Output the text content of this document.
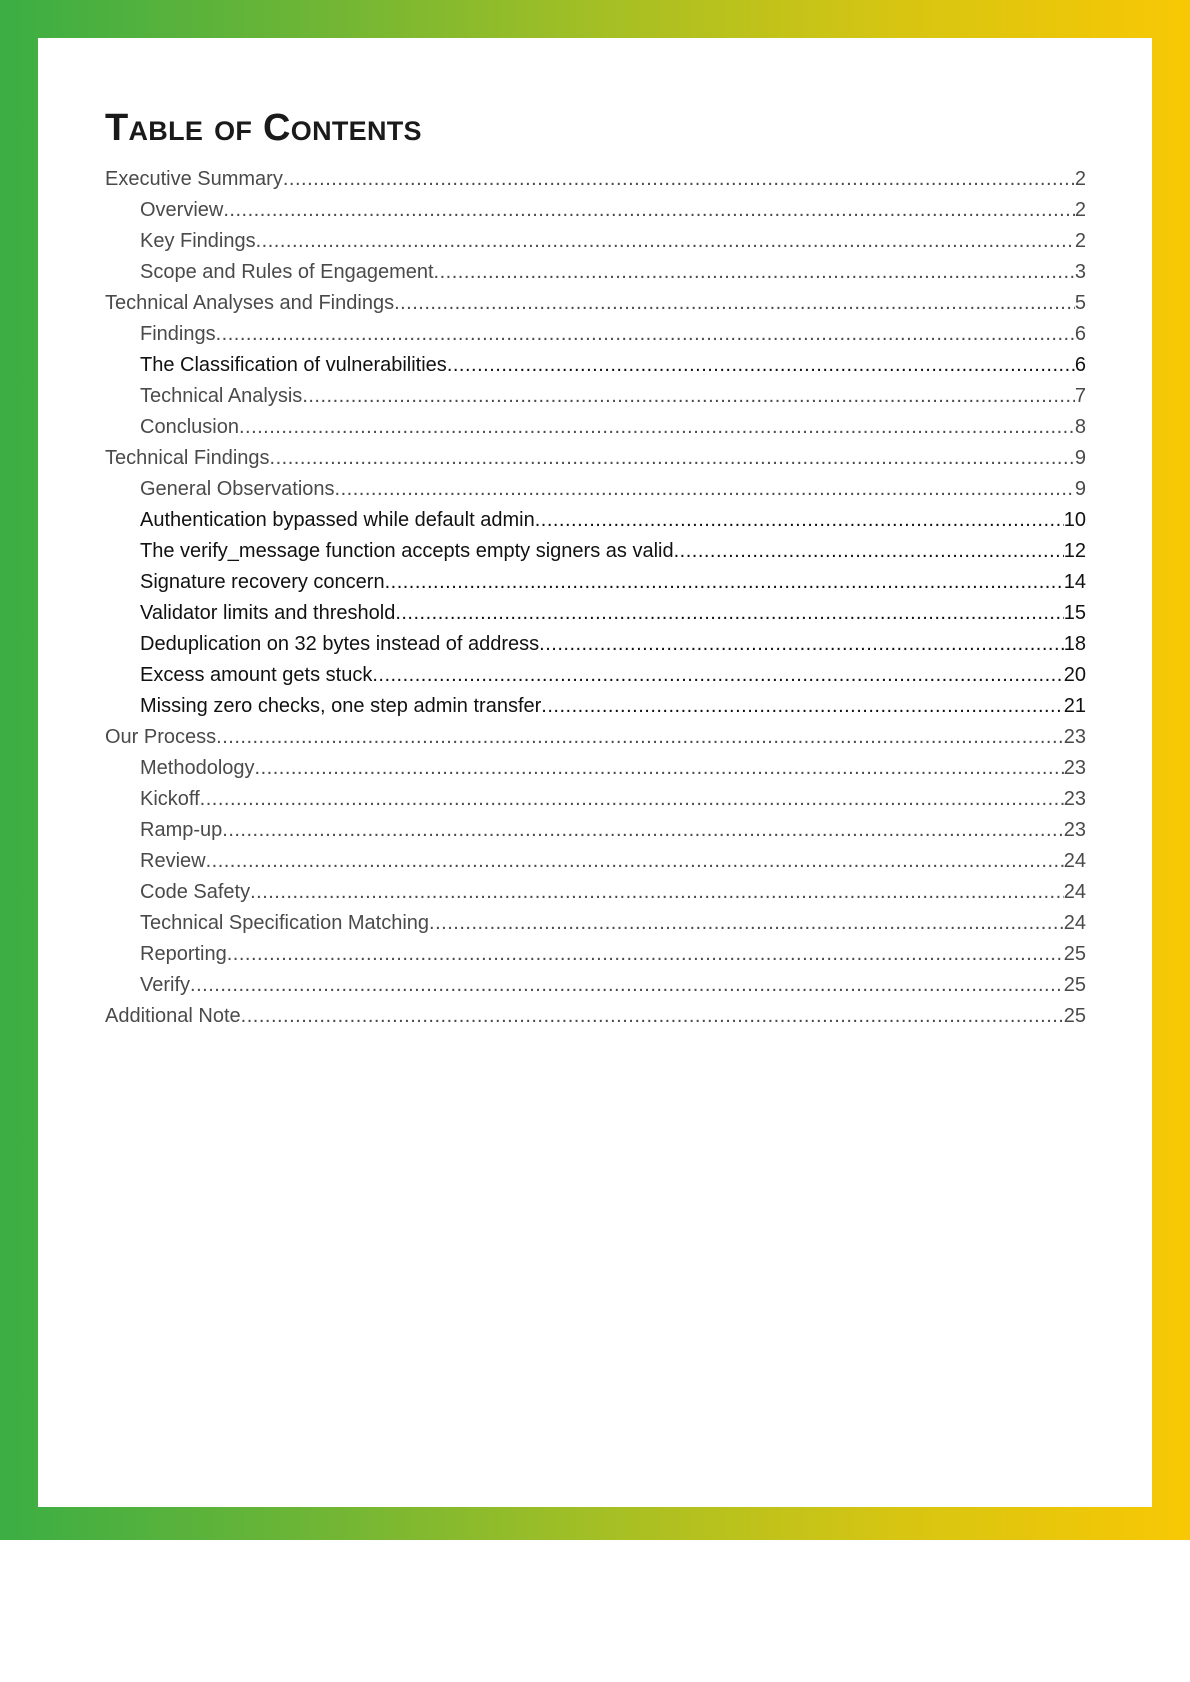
Table of Contents
Executive Summary .....	2
Overview .....	2
Key Findings .....	2
Scope and Rules of Engagement .....	3
Technical Analyses and Findings .....	5
Findings .....	6
The Classification of vulnerabilities .....	6
Technical Analysis .....	7
Conclusion .....	8
Technical Findings .....	9
General Observations .....	9
Authentication bypassed while default admin .....	10
The verify_message function accepts empty signers as valid .....	12
Signature recovery concern .....	14
Validator limits and threshold .....	15
Deduplication on 32 bytes instead of address .....	18
Excess amount gets stuck .....	20
Missing zero checks, one step admin transfer .....	21
Our Process .....	23
Methodology .....	23
Kickoff .....	23
Ramp-up .....	23
Review .....	24
Code Safety .....	24
Technical Specification Matching .....	24
Reporting .....	25
Verify .....	25
Additional Note .....	25
